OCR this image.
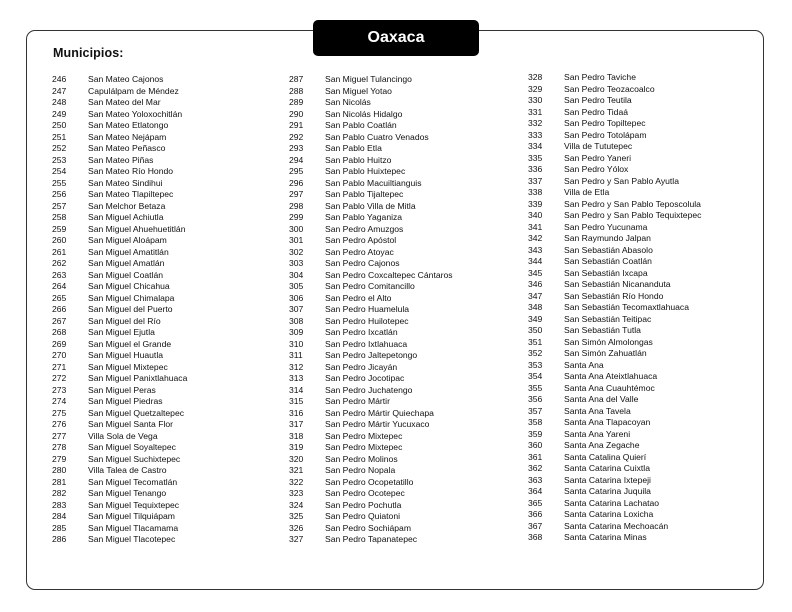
Oaxaca
Municipios:
246	San Mateo Cajonos
247	Capulálpam de Méndez
248	San Mateo del Mar
249	San Mateo Yoloxochitlán
250	San Mateo Etlatongo
251	San Mateo Nejápam
252	San Mateo Peñasco
253	San Mateo Piñas
254	San Mateo Río Hondo
255	San Mateo Sindihui
256	San Mateo Tlapiltepec
257	San Melchor Betaza
258	San Miguel Achiutla
259	San Miguel Ahuehuetitlán
260	San Miguel Aloápam
261	San Miguel Amatitlán
262	San Miguel Amatlán
263	San Miguel Coatlán
264	San Miguel Chicahua
265	San Miguel Chimalapa
266	San Miguel del Puerto
267	San Miguel del Río
268	San Miguel Ejutla
269	San Miguel el Grande
270	San Miguel Huautla
271	San Miguel Mixtepec
272	San Miguel Panixtlahuaca
273	San Miguel Peras
274	San Miguel Piedras
275	San Miguel Quetzaltepec
276	San Miguel Santa Flor
277	Villa Sola de Vega
278	San Miguel Soyaltepec
279	San Miguel Suchixtepec
280	Villa Talea de Castro
281	San Miguel Tecomatlán
282	San Miguel Tenango
283	San Miguel Tequixtepec
284	San Miguel Tilquiápam
285	San Miguel Tlacamama
286	San Miguel Tlacotepec
287	San Miguel Tulancingo
288	San Miguel Yotao
289	San Nicolás
290	San Nicolás Hidalgo
291	San Pablo Coatlán
292	San Pablo Cuatro Venados
293	San Pablo Etla
294	San Pablo Huitzo
295	San Pablo Huixtepec
296	San Pablo Macuiltianguis
297	San Pablo Tijaltepec
298	San Pablo Villa de Mitla
299	San Pablo Yaganiza
300	San Pedro Amuzgos
301	San Pedro Apóstol
302	San Pedro Atoyac
303	San Pedro Cajonos
304	San Pedro Coxcaltepec Cántaros
305	San Pedro Comitancillo
306	San Pedro el Alto
307	San Pedro Huamelula
308	San Pedro Huilotepec
309	San Pedro Ixcatlán
310	San Pedro Ixtlahuaca
311	San Pedro Jaltepetongo
312	San Pedro Jicayán
313	San Pedro Jocotipac
314	San Pedro Juchatengo
315	San Pedro Mártir
316	San Pedro Mártir Quiechapa
317	San Pedro Mártir Yucuxaco
318	San Pedro Mixtepec
319	San Pedro Mixtepec
320	San Pedro Molinos
321	San Pedro Nopala
322	San Pedro Ocopetatillo
323	San Pedro Ocotepec
324	San Pedro Pochutla
325	San Pedro Quiatoni
326	San Pedro Sochiápam
327	San Pedro Tapanatepec
328	San Pedro Taviche
329	San Pedro Teozacoalco
330	San Pedro Teutila
331	San Pedro Tidaá
332	San Pedro Topiltepec
333	San Pedro Totolápam
334	Villa de Tututepec
335	San Pedro Yaneri
336	San Pedro Yólox
337	San Pedro y San Pablo Ayutla
338	Villa de Etla
339	San Pedro y San Pablo Teposcolula
340	San Pedro y San Pablo Tequixtepec
341	San Pedro Yucunama
342	San Raymundo Jalpan
343	San Sebastián Abasolo
344	San Sebastián Coatlán
345	San Sebastián Ixcapa
346	San Sebastián Nicananduta
347	San Sebastián Río Hondo
348	San Sebastián Tecomaxtlahuaca
349	San Sebastián Teitipac
350	San Sebastián Tutla
351	San Simón Almolongas
352	San Simón Zahuatlán
353	Santa Ana
354	Santa Ana Ateixtlahuaca
355	Santa Ana Cuauhtémoc
356	Santa Ana del Valle
357	Santa Ana Tavela
358	Santa Ana Tlapacoyan
359	Santa Ana Yareni
360	Santa Ana Zegache
361	Santa Catalina Quierí
362	Santa Catarina Cuixtla
363	Santa Catarina Ixtepeji
364	Santa Catarina Juquila
365	Santa Catarina Lachatao
366	Santa Catarina Loxicha
367	Santa Catarina Mechoacán
368	Santa Catarina Minas
